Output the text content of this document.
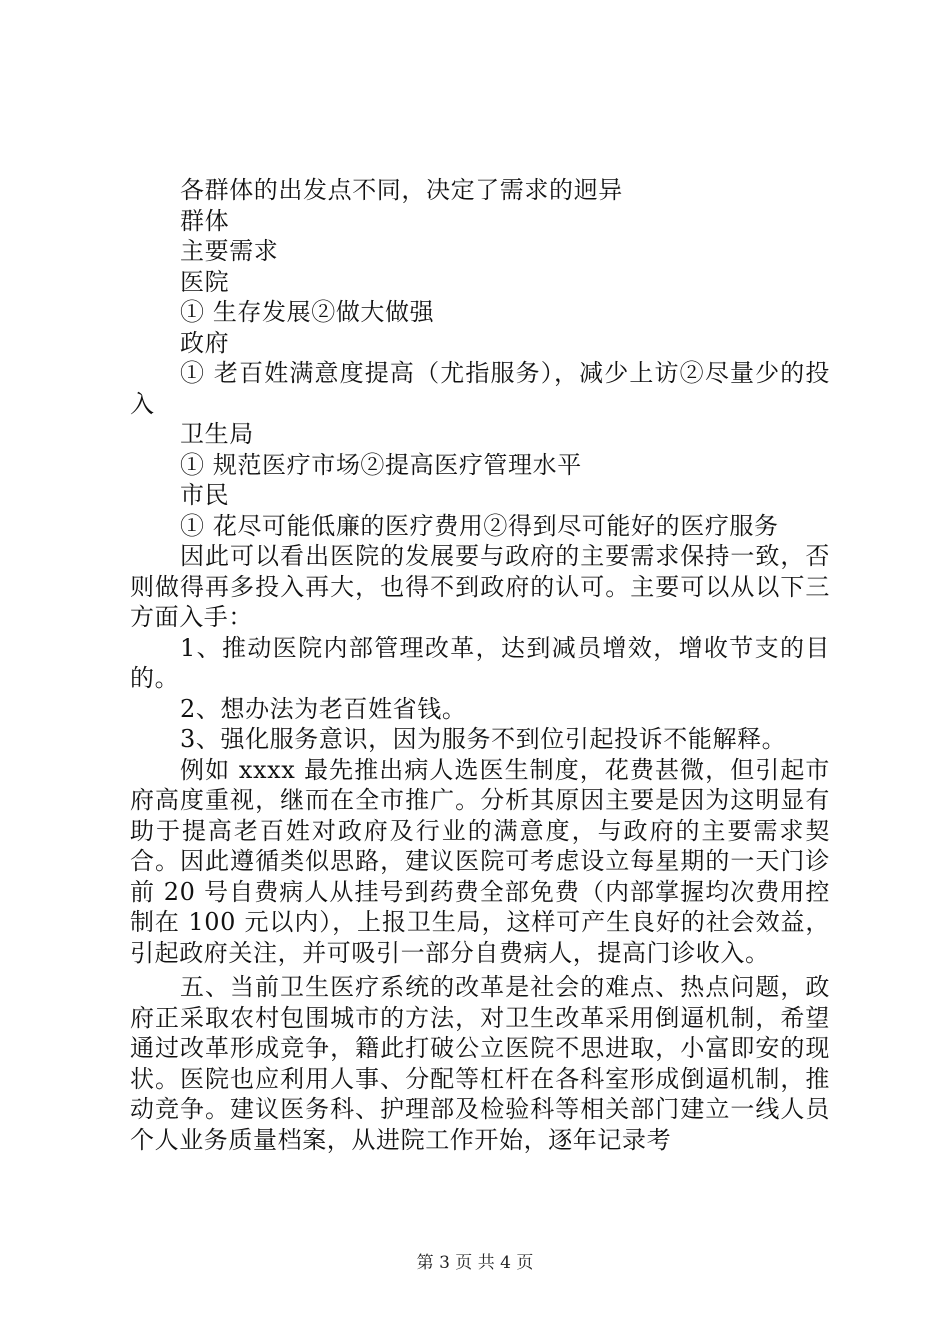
各群体的出发点不同，决定了需求的迥异
群体
主要需求
医院
① 生存发展②做大做强
政府
① 老百姓满意度提高（尤指服务），减少上访②尽量少的投入
卫生局
① 规范医疗市场②提高医疗管理水平
市民
① 花尽可能低廉的医疗费用②得到尽可能好的医疗服务
因此可以看出医院的发展要与政府的主要需求保持一致，否则做得再多投入再大，也得不到政府的认可。主要可以从以下三方面入手：
1、推动医院内部管理改革，达到减员增效，增收节支的目的。
2、想办法为老百姓省钱。
3、强化服务意识，因为服务不到位引起投诉不能解释。
例如 xxxx 最先推出病人选医生制度，花费甚微，但引起市府高度重视，继而在全市推广。分析其原因主要是因为这明显有助于提高老百姓对政府及行业的满意度，与政府的主要需求契合。因此遵循类似思路，建议医院可考虑设立每星期的一天门诊前 20 号自费病人从挂号到药费全部免费（内部掌握均次费用控制在 100 元以内），上报卫生局，这样可产生良好的社会效益，引起政府关注，并可吸引一部分自费病人，提高门诊收入。
五、当前卫生医疗系统的改革是社会的难点、热点问题，政府正采取农村包围城市的方法，对卫生改革采用倒逼机制，希望通过改革形成竞争，籍此打破公立医院不思进取，小富即安的现状。医院也应利用人事、分配等杠杆在各科室形成倒逼机制，推动竞争。建议医务科、护理部及检验科等相关部门建立一线人员个人业务质量档案，从进院工作开始，逐年记录考
第 3 页 共 4 页
